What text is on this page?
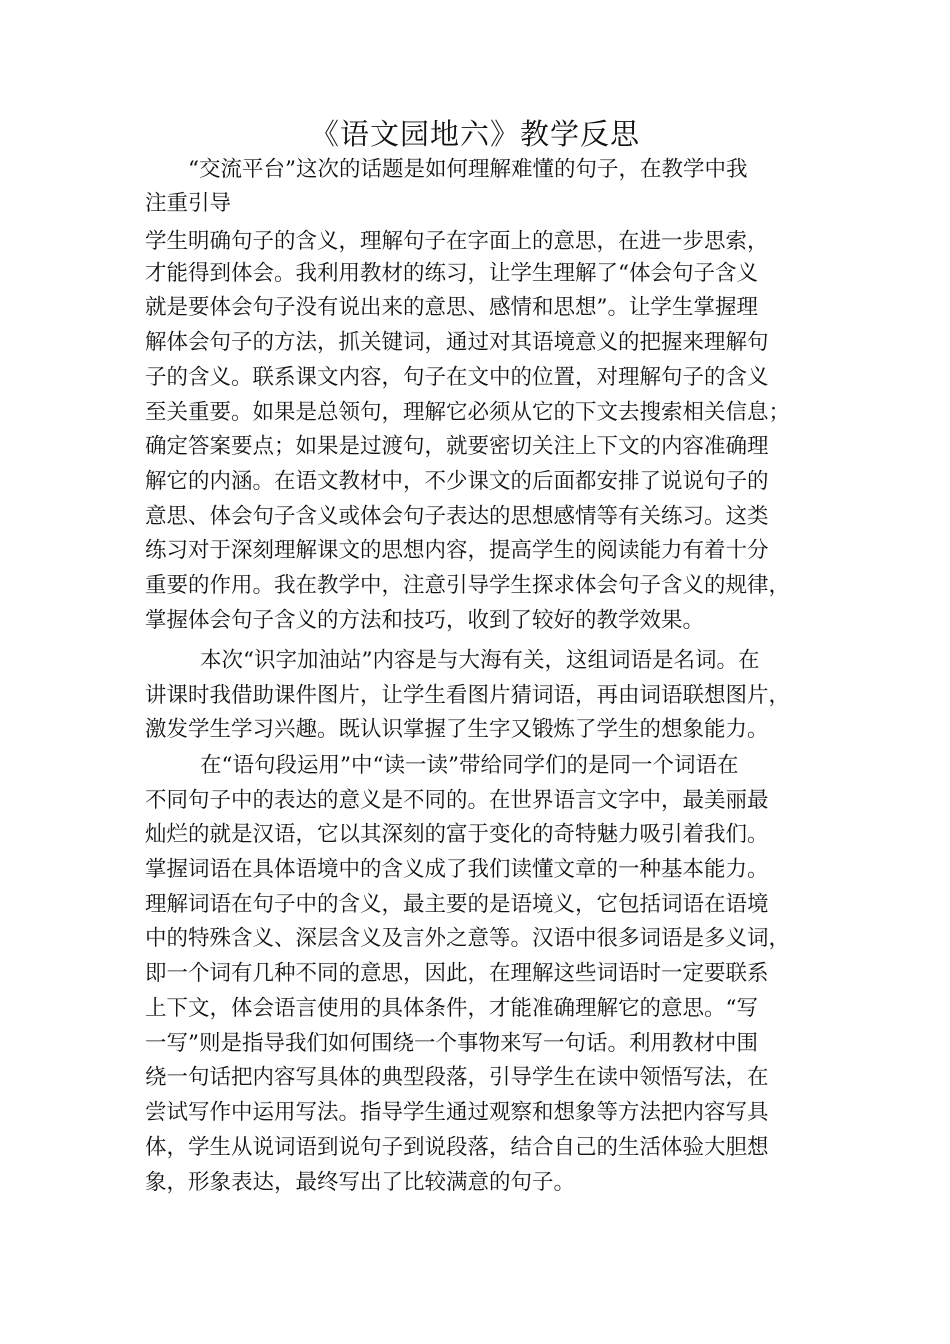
《语文园地六》教学反思
“交流平台”这次的话题是如何理解难懂的句子，在教学中我
注重引导
学生明确句子的含义，理解句子在字面上的意思，在进一步思索，
才能得到体会。我利用教材的练习，让学生理解了“体会句子含义
就是要体会句子没有说出来的意思、感情和思想”。让学生掌握理
解体会句子的方法，抓关键词，通过对其语境意义的把握来理解句
子的含义。联系课文内容，句子在文中的位置，对理解句子的含义
至关重要。如果是总领句，理解它必须从它的下文去搜索相关信息；
确定答案要点；如果是过渡句，就要密切关注上下文的内容准确理
解它的内涵。在语文教材中，不少课文的后面都安排了说说句子的
意思、体会句子含义或体会句子表达的思想感情等有关练习。这类
练习对于深刻理解课文的思想内容，提高学生的阅读能力有着十分
重要的作用。我在教学中，注意引导学生探求体会句子含义的规律，
掌握体会句子含义的方法和技巧，收到了较好的教学效果。
本次“识字加油站”内容是与大海有关，这组词语是名词。在
讲课时我借助课件图片，让学生看图片猜词语，再由词语联想图片，
激发学生学习兴趣。既认识掌握了生字又锻炼了学生的想象能力。
在“语句段运用”中“读一读”带给同学们的是同一个词语在
不同句子中的表达的意义是不同的。在世界语言文字中，最美丽最
灿烂的就是汉语，它以其深刻的富于变化的奇特魅力吸引着我们。
掌握词语在具体语境中的含义成了我们读懂文章的一种基本能力。
理解词语在句子中的含义，最主要的是语境义，它包括词语在语境
中的特殊含义、深层含义及言外之意等。汉语中很多词语是多义词，
即一个词有几种不同的意思，因此，在理解这些词语时一定要联系
上下文，体会语言使用的具体条件，才能准确理解它的意思。“写
一写”则是指导我们如何围绕一个事物来写一句话。利用教材中围
绕一句话把内容写具体的典型段落，引导学生在读中领悟写法，在
尝试写作中运用写法。指导学生通过观察和想象等方法把内容写具
体，学生从说词语到说句子到说段落，结合自己的生活体验大胆想
象，形象表达，最终写出了比较满意的句子。
